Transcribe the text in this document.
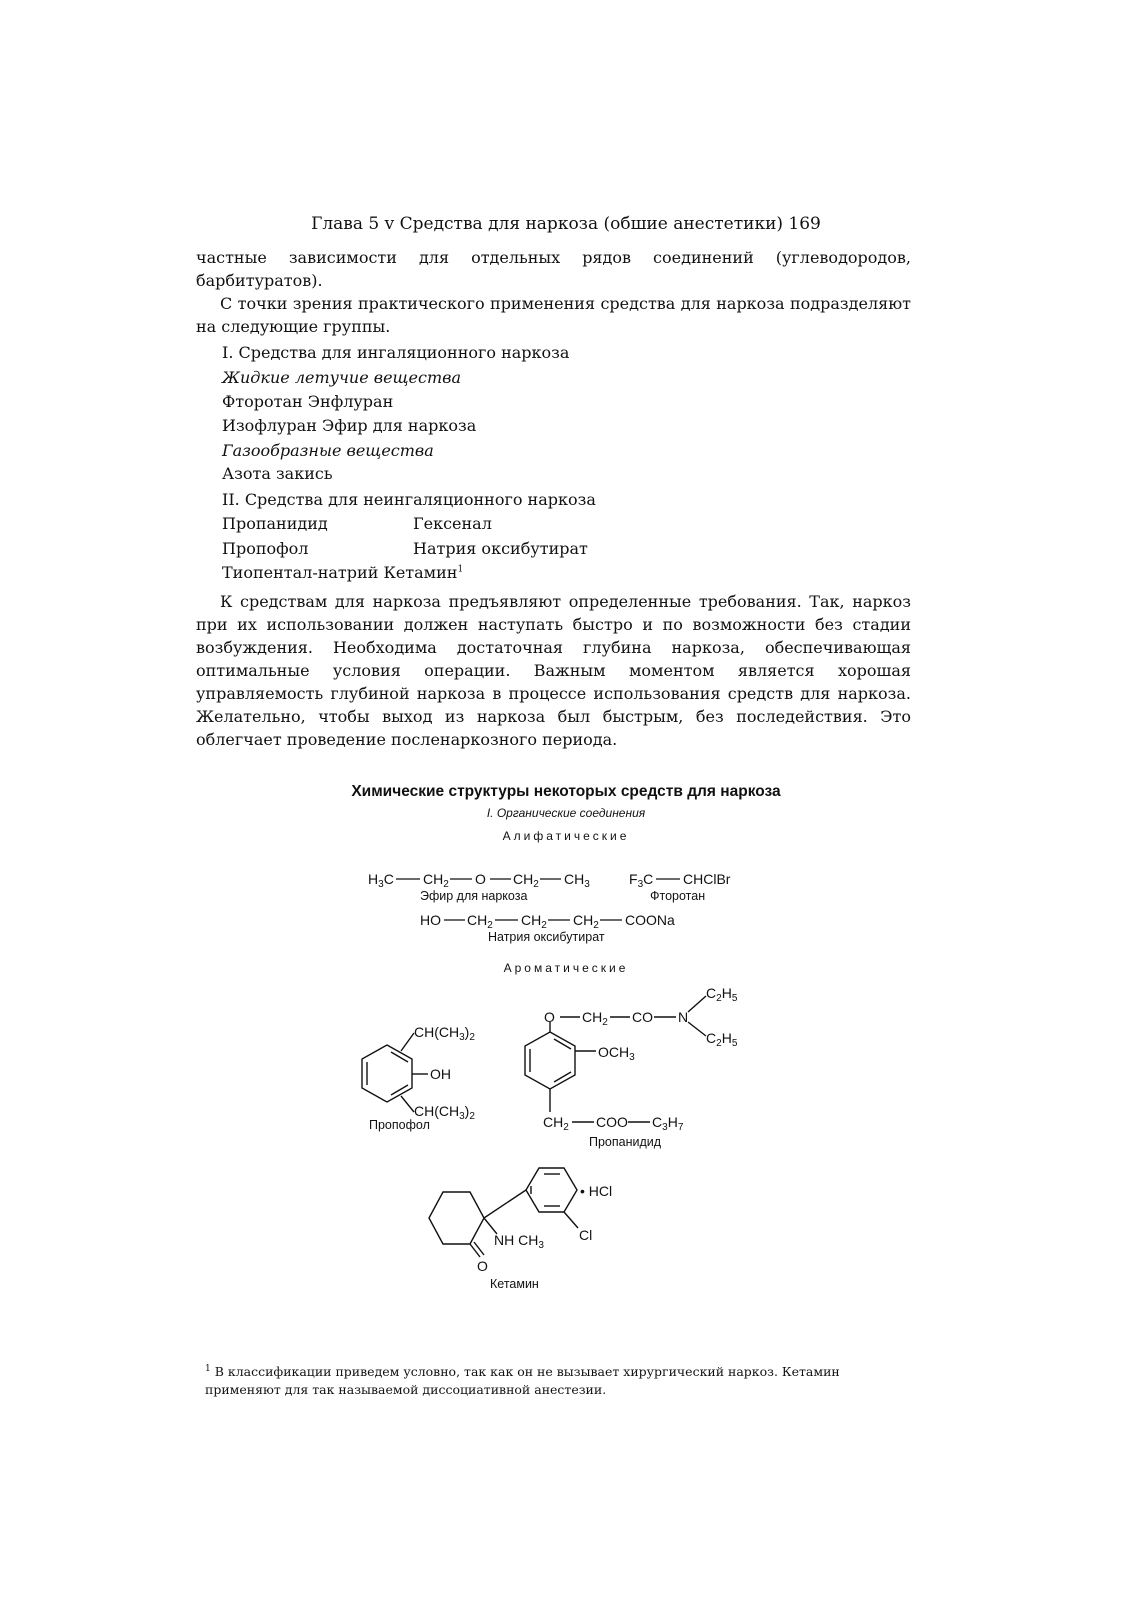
Глава 5 v Средства для наркоза (обшие анестетики) 169
частные зависимости для отдельных рядов соединений (углеводородов, барбитуратов).
С точки зрения практического применения средства для наркоза подразделяют на следующие группы.
I. Средства для ингаляционного наркоза
Жидкие летучие вещества
Фторотан Энфлуран
Изофлуран Эфир для наркоза
Газообразные вещества
Азота закись
II. Средства для неингаляционного наркоза
Пропанидид	Гексенал
Пропофол	Натрия оксибутират
Тиопентал-натрий Кетамин$^1$
К средствам для наркоза предъявляют определенные требования. Так, наркоз при их использовании должен наступать быстро и по возможности без стадии возбуждения. Необходима достаточная глубина наркоза, обеспечивающая оптимальные условия операции. Важным моментом является хорошая управляемость глубиной наркоза в процессе использования средств для наркоза. Желательно, чтобы выход из наркоза был быстрым, без последействия. Это облегчает проведение посленаркозного периода.
Химические структуры некоторых средств для наркоза
I. Органические соединения
Алифатические
Ароматические
$H_3C$ $CH_2$ O $CH_2$ $CH_3$
Эфир для наркоза
$F_3C$ CHClBr
Фторотан
HO $CH_2$ $CH_2$ $CH_2$ COONa
Натрия оксибутират
$CH(CH_3)_2$
OH
$CH(CH_3)_2$
Пропофол
O $CH_2$ CO N
$C_2H_5$
$C_2H_5$
$OCH_3$
$CH_2$ COO $C_3H_7$
Пропанидид
NH $CH_3$
O
Cl
• HCl
Кетамин
$^1$ В классификации приведем условно, так как он не вызывает хирургический наркоз. Кетамин применяют для так называемой диссоциативной анестезии.
